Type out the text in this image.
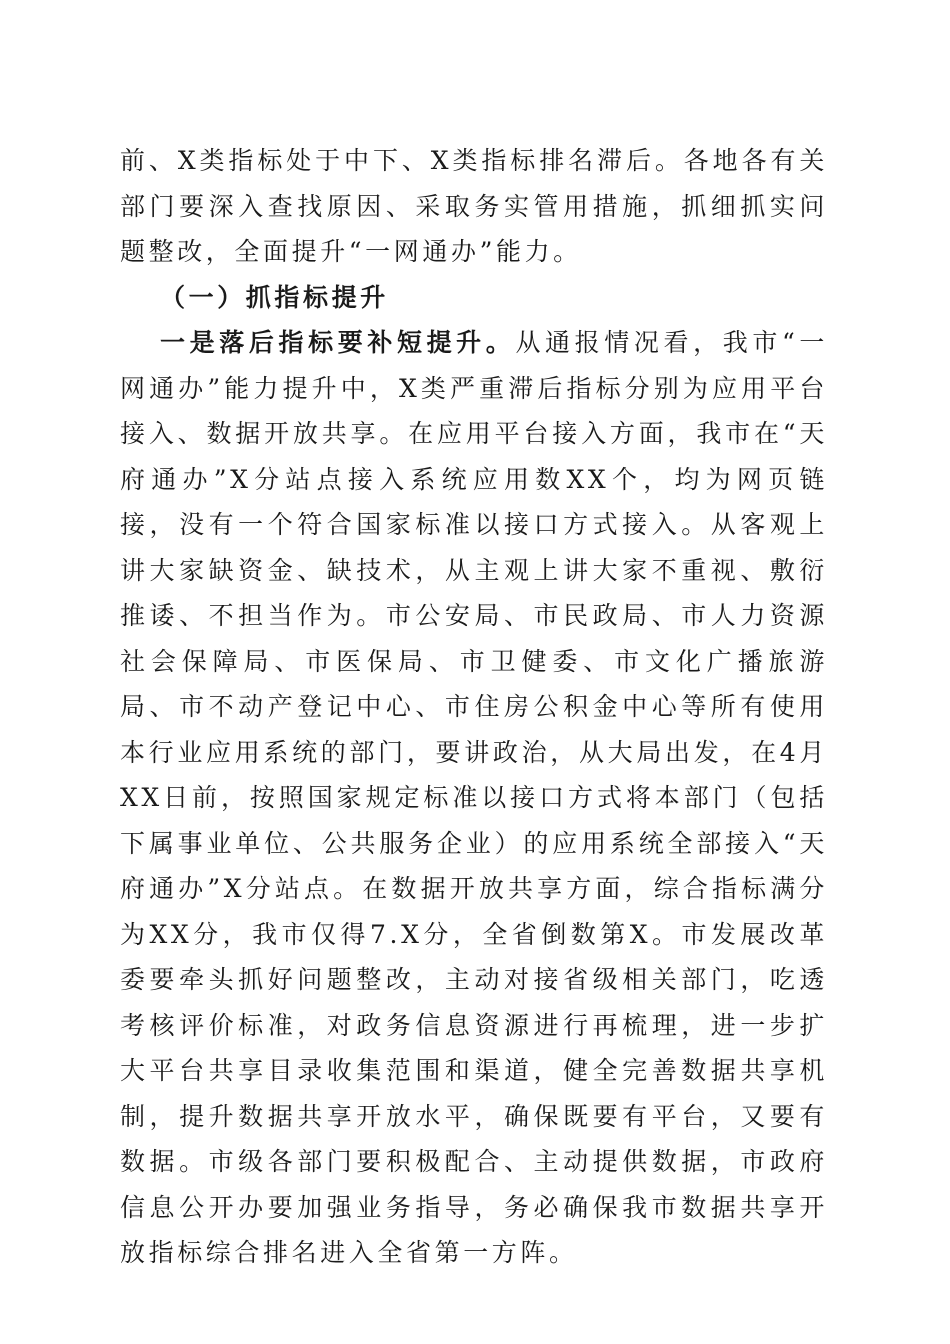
前、X类指标处于中下、X类指标排名滞后。各地各有关部门要深入查找原因、采取务实管用措施，抓细抓实问题整改，全面提升“一网通办”能力。

（一）抓指标提升

一是落后指标要补短提升。从通报情况看，我市“一网通办”能力提升中，X类严重滞后指标分别为应用平台接入、数据开放共享。在应用平台接入方面，我市在“天府通办”X分站点接入系统应用数XX个，均为网页链接，没有一个符合国家标准以接口方式接入。从客观上讲大家缺资金、缺技术，从主观上讲大家不重视、敷衍推诿、不担当作为。市公安局、市民政局、市人力资源社会保障局、市医保局、市卫健委、市文化广播旅游局、市不动产登记中心、市住房公积金中心等所有使用本行业应用系统的部门，要讲政治，从大局出发，在4月XX日前，按照国家规定标准以接口方式将本部门（包括下属事业单位、公共服务企业）的应用系统全部接入“天府通办”X分站点。在数据开放共享方面，综合指标满分为XX分，我市仅得7.X分，全省倒数第X。市发展改革委要牵头抓好问题整改，主动对接省级相关部门，吃透考核评价标准，对政务信息资源进行再梳理，进一步扩大平台共享目录收集范围和渠道，健全完善数据共享机制，提升数据共享开放水平，确保既要有平台，又要有数据。市级各部门要积极配合、主动提供数据，市政府信息公开办要加强业务指导，务必确保我市数据共享开放指标综合排名进入全省第一方阵。
